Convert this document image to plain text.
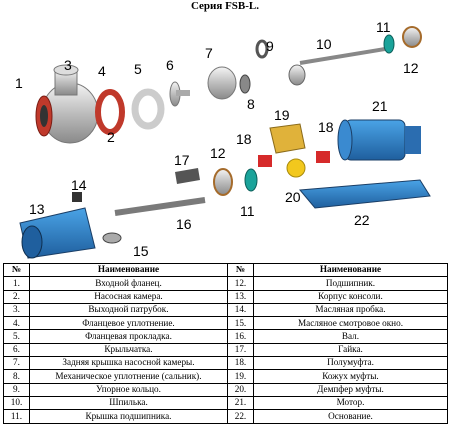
Серия FSB-L.
1
2
3 4 5 6
7
8
9	10
11
12
13
14
15
16
17
18
19
20
21
22
11
12
18
№	Наименование	№	Наименование
1.	Входной фланец.	12.	Подшипник.
2.	Насосная камера.	13.	Корпус консоли.
3.	Выходной патрубок.	14.	Масляная пробка.
4.	Фланцевое уплотнение.	15.	Масляное смотровое окно.
5.	Фланцевая прокладка.	16.	Вал.
6.	Крыльчатка.	17.	Гайка.
7.	Задняя крышка насосной камеры.	18.	Полумуфта.
8.	Механическое уплотнение (сальник).	19.	Кожух муфты.
9.	Упорное кольцо.	20.	Демпфер муфты.
10.	Шпилька.	21.	Мотор.
11.	Крышка подшипника.	22.	Основание.
